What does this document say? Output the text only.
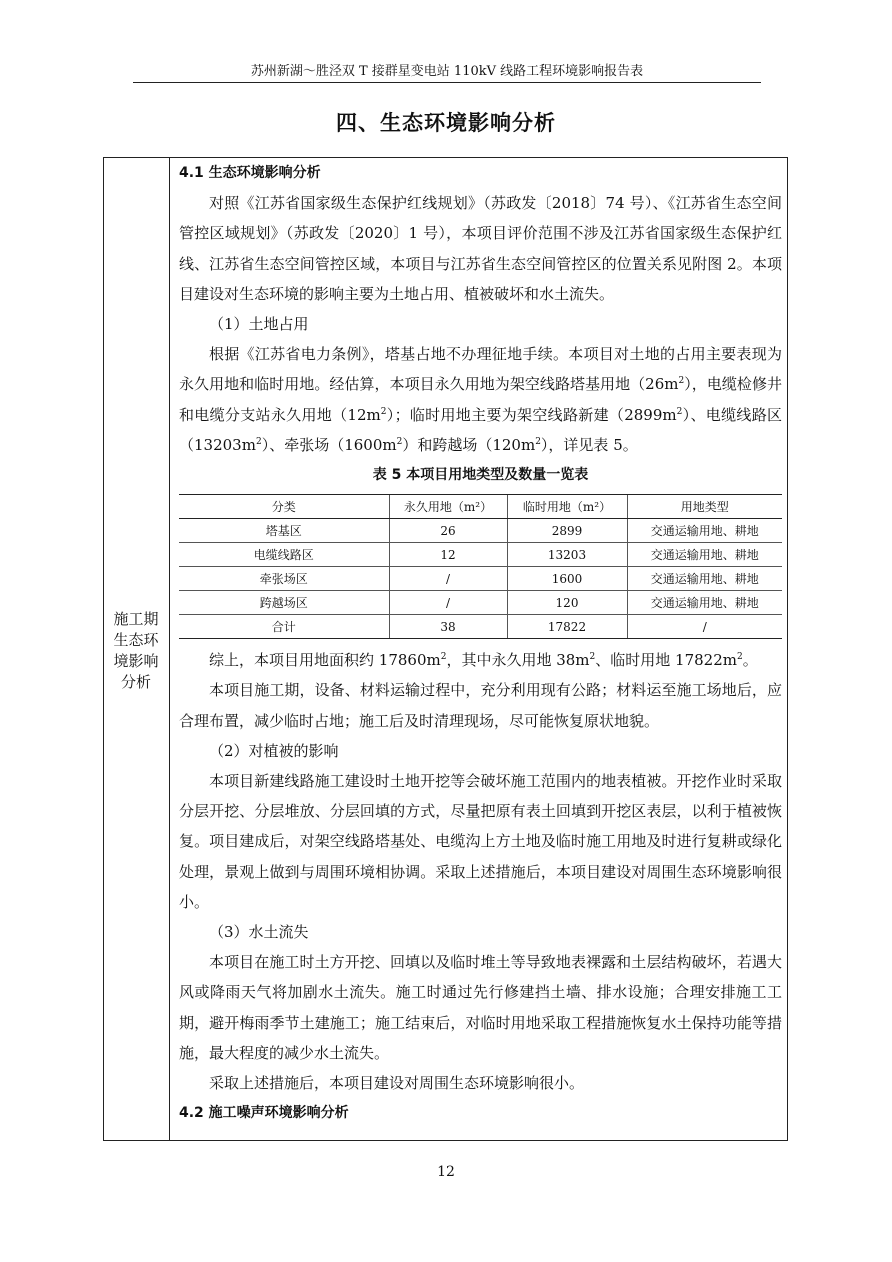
苏州新湖～胜泾双 T 接群星变电站 110kV 线路工程环境影响报告表
四、生态环境影响分析
施工期
生态环
境影响
分析

4.1 生态环境影响分析

对照《江苏省国家级生态保护红线规划》（苏政发〔2018〕74 号）、《江苏省生态空间管控区域规划》（苏政发〔2020〕1 号），本项目评价范围不涉及江苏省国家级生态保护红线、江苏省生态空间管控区域，本项目与江苏省生态空间管控区的位置关系见附图 2。本项目建设对生态环境的影响主要为土地占用、植被破坏和水土流失。

（1）土地占用

根据《江苏省电力条例》，塔基占地不办理征地手续。本项目对土地的占用主要表现为永久用地和临时用地。经估算，本项目永久用地为架空线路塔基用地$(26m^2)$，电缆检修井和电缆分支站永久用地$(12m^2)$；临时用地主要为架空线路新建$(2899m^2)$、电缆线路区$(13203m^2)$、牵张场$(1600m^2)$和跨越场$(120m^2)$，详见表 5。

表 5 本项目用地类型及数量一览表

分类	永久用地（m²）	临时用地（m²）	用地类型
塔基区	26	2899	交通运输用地、耕地
电缆线路区	12	13203	交通运输用地、耕地
牵张场区	/	1600	交通运输用地、耕地
跨越场区	/	120	交通运输用地、耕地
合计	38	17822	/

综上，本项目用地面积约 $17860m^2$，其中永久用地 $38m^2$、临时用地 $17822m^2$。

本项目施工期，设备、材料运输过程中，充分利用现有公路；材料运至施工场地后，应合理布置，减少临时占地；施工后及时清理现场，尽可能恢复原状地貌。

（2）对植被的影响

本项目新建线路施工建设时土地开挖等会破坏施工范围内的地表植被。开挖作业时采取分层开挖、分层堆放、分层回填的方式，尽量把原有表土回填到开挖区表层，以利于植被恢复。项目建成后，对架空线路塔基处、电缆沟上方土地及临时施工用地及时进行复耕或绿化处理，景观上做到与周围环境相协调。采取上述措施后，本项目建设对周围生态环境影响很小。

（3）水土流失

本项目在施工时土方开挖、回填以及临时堆土等导致地表裸露和土层结构破坏，若遇大风或降雨天气将加剧水土流失。施工时通过先行修建挡土墙、排水设施；合理安排施工工期，避开梅雨季节土建施工；施工结束后，对临时用地采取工程措施恢复水土保持功能等措施，最大程度的减少水土流失。

采取上述措施后，本项目建设对周围生态环境影响很小。

4.2 施工噪声环境影响分析

12
